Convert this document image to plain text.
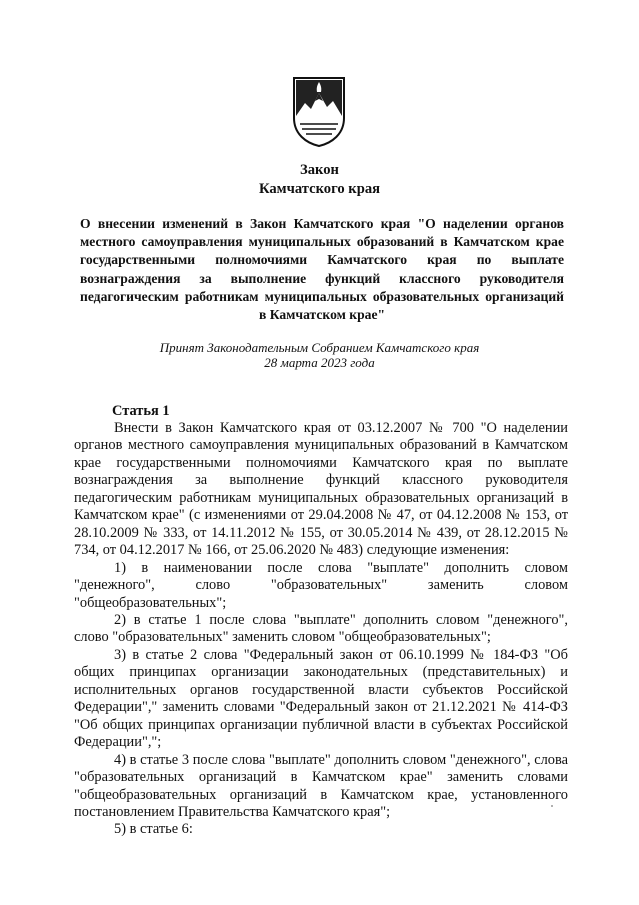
Закон
Камчатского края
О внесении изменений в Закон Камчатского края "О наделении органов местного самоуправления муниципальных образований в Камчатском крае государственными полномочиями Камчатского края по выплате вознаграждения за выполнение функций классного руководителя педагогическим работникам муниципальных образовательных организаций в Камчатском крае"
Принят Законодательным Собранием Камчатского края
28 марта 2023 года
Статья 1

Внести в Закон Камчатского края от 03.12.2007 № 700 "О наделении органов местного самоуправления муниципальных образований в Камчатском крае государственными полномочиями Камчатского края по выплате вознаграждения за выполнение функций классного руководителя педагогическим работникам муниципальных образовательных организаций в Камчатском крае" (с изменениями от 29.04.2008 № 47, от 04.12.2008 № 153, от 28.10.2009 № 333, от 14.11.2012 № 155, от 30.05.2014 № 439, от 28.12.2015 № 734, от 04.12.2017 № 166, от 25.06.2020 № 483) следующие изменения:

1) в наименовании после слова "выплате" дополнить словом "денежного", слово "образовательных" заменить словом "общеобразовательных";

2) в статье 1 после слова "выплате" дополнить словом "денежного", слово "образовательных" заменить словом "общеобразовательных";

3) в статье 2 слова "Федеральный закон от 06.10.1999 № 184-ФЗ "Об общих принципах организации законодательных (представительных) и исполнительных органов государственной власти субъектов Российской Федерации"," заменить словами "Федеральный закон от 21.12.2021 № 414-ФЗ "Об общих принципах организации публичной власти в субъектах Российской Федерации",";

4) в статье 3 после слова "выплате" дополнить словом "денежного", слова "образовательных организаций в Камчатском крае" заменить словами "общеобразовательных организаций в Камчатском крае, установленного постановлением Правительства Камчатского края";

5) в статье 6:
